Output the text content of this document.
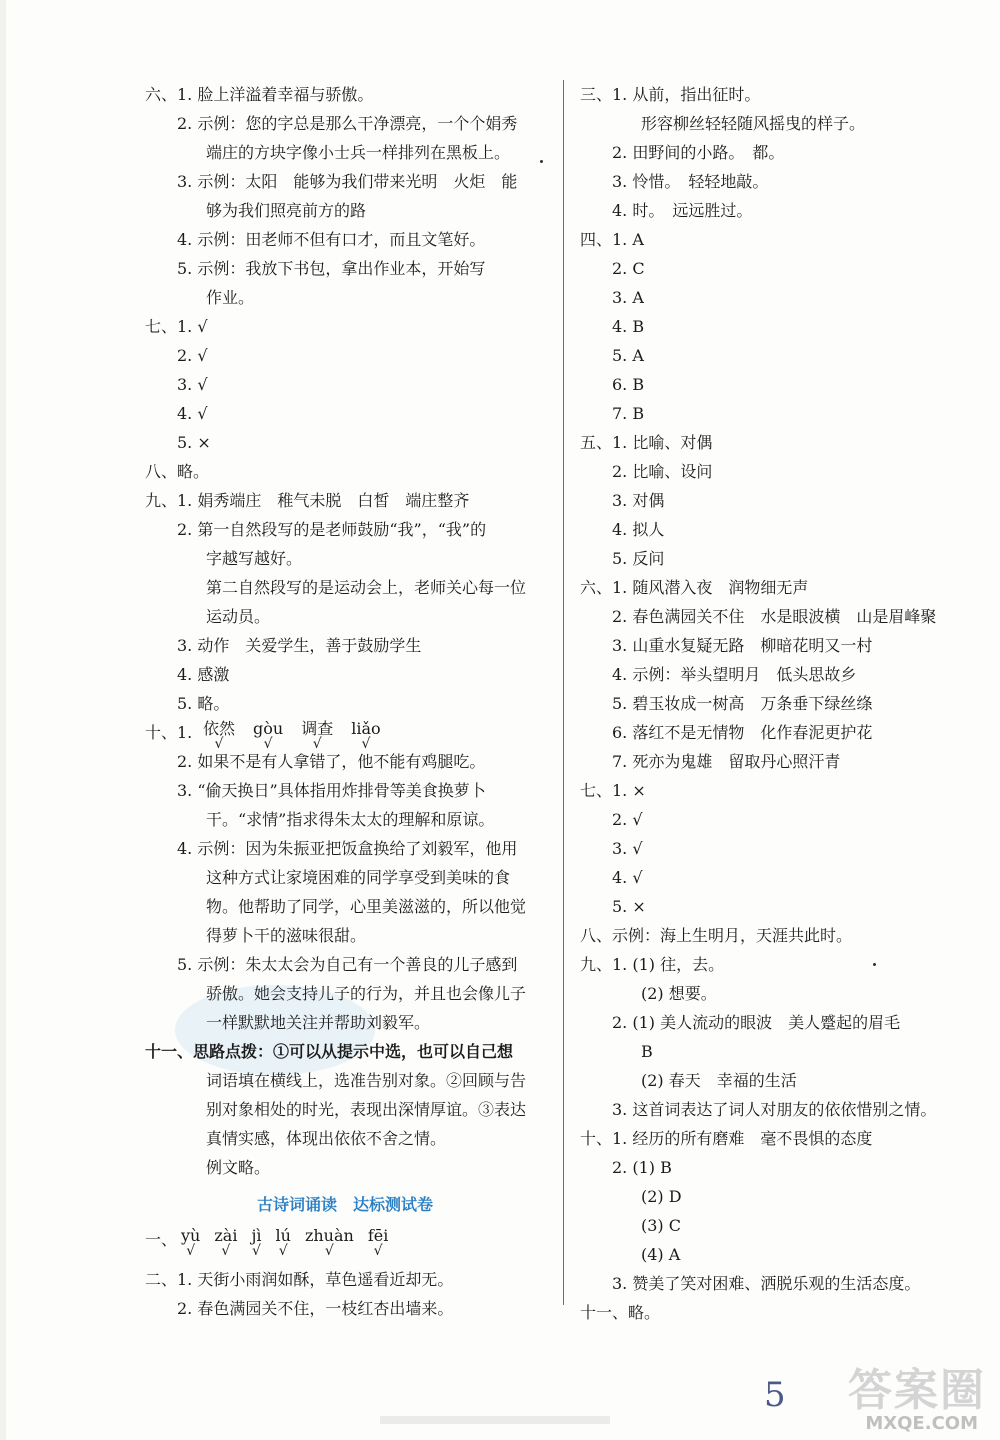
六、1. 脸上洋溢着幸福与骄傲。
2. 示例：您的字总是那么干净漂亮，一个个娟秀
端庄的方块字像小士兵一样排列在黑板上。
3. 示例：太阳　能够为我们带来光明　火炬　能
够为我们照亮前方的路
4. 示例：田老师不但有口才，而且文笔好。
5. 示例：我放下书包，拿出作业本，开始写
作业。
七、1. √
2. √
3. √
4. √
5. ×
八、略。
九、1. 娟秀端庄　稚气未脱　白皙　端庄整齐
2. 第一自然段写的是老师鼓励“我”，“我”的
字越写越好。
第二自然段写的是运动会上，老师关心每一位
运动员。
3. 动作　关爱学生，善于鼓励学生
4. 感激
5. 略。
十、1. 依然
√
gòu
√
调查
√
liǎo
√
2. 如果不是有人拿错了，他不能有鸡腿吃。
3. “偷天换日”具体指用炸排骨等美食换萝卜
干。“求情”指求得朱太太的理解和原谅。
4. 示例：因为朱振亚把饭盒换给了刘毅军，他用
这种方式让家境困难的同学享受到美味的食
物。他帮助了同学，心里美滋滋的，所以他觉
得萝卜干的滋味很甜。
5. 示例：朱太太会为自己有一个善良的儿子感到
骄傲。她会支持儿子的行为，并且也会像儿子
一样默默地关注并帮助刘毅军。
十一、思路点拨：①可以从提示中选，也可以自己想
词语填在横线上，选准告别对象。②回顾与告
别对象相处的时光，表现出深情厚谊。③表达
真情实感，体现出依依不舍之情。
例文略。
古诗词诵读　达标测试卷
一、 yù
√
zài
√
jì
√
lú
√
zhuàn
√
fēi
√
二、1. 天街小雨润如酥，草色遥看近却无。
2. 春色满园关不住，一枝红杏出墙来。
三、1. 从前，指出征时。
形容柳丝轻轻随风摇曳的样子。
2. 田野间的小路。　都。
3. 怜惜。　轻轻地敲。
4. 时。　远远胜过。
四、1. A
2. C
3. A
4. B
5. A
6. B
7. B
五、1. 比喻、对偶
2. 比喻、设问
3. 对偶
4. 拟人
5. 反问
六、1. 随风潜入夜　润物细无声
2. 春色满园关不住　水是眼波横　山是眉峰聚
3. 山重水复疑无路　柳暗花明又一村
4. 示例：举头望明月　低头思故乡
5. 碧玉妆成一树高　万条垂下绿丝绦
6. 落红不是无情物　化作春泥更护花
7. 死亦为鬼雄　留取丹心照汗青
七、1. ×
2. √
3. √
4. √
5. ×
八、示例：海上生明月，天涯共此时。
九、1. (1) 往，去。
(2) 想要。
2. (1) 美人流动的眼波　美人蹙起的眉毛
B
(2) 春天　幸福的生活
3. 这首词表达了词人对朋友的依依惜别之情。
十、1. 经历的所有磨难　毫不畏惧的态度
2. (1) B
(2) D
(3) C
(4) A
3. 赞美了笑对困难、洒脱乐观的生活态度。
十一、略。
5 答案圈
MXQE.COM
